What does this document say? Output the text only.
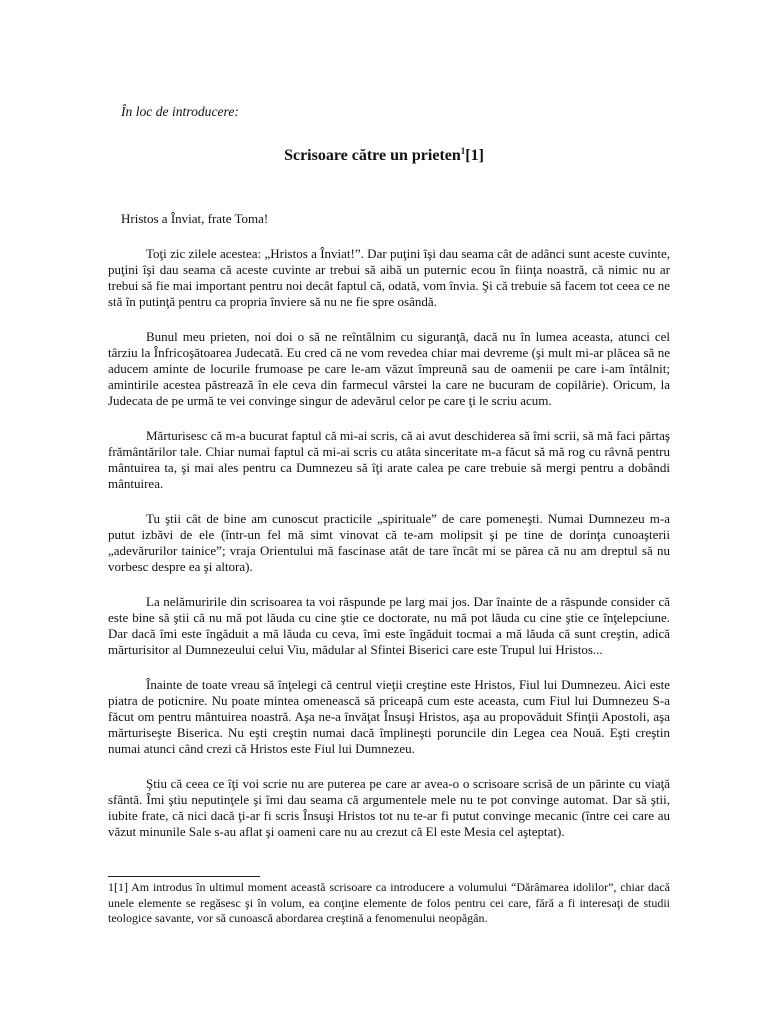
În loc de introducere:
Scrisoare către un prieten$^1$[1]

Hristos a Înviat, frate Toma!

Toţi zic zilele acestea: „Hristos a Înviat!”. Dar puţini îşi dau seama cât de adânci sunt aceste cuvinte, puţini îşi dau seama că aceste cuvinte ar trebui să aibă un puternic ecou în fiinţa noastră, că nimic nu ar trebui să fie mai important pentru noi decât faptul că, odată, vom învia. Şi că trebuie să facem tot ceea ce ne stă în putinţă pentru ca propria înviere să nu ne fie spre osândă.

Bunul meu prieten, noi doi o să ne reîntâlnim cu siguranţă, dacă nu în lumea aceasta, atunci cel târziu la Înfricoşătoarea Judecată. Eu cred că ne vom revedea chiar mai devreme (şi mult mi-ar plăcea să ne aducem aminte de locurile frumoase pe care le-am văzut împreună sau de oamenii pe care i-am întâlnit; amintirile acestea păstrează în ele ceva din farmecul vârstei la care ne bucuram de copilărie). Oricum, la Judecata de pe urmă te vei convinge singur de adevărul celor pe care ţi le scriu acum.

Mărturisesc că m-a bucurat faptul că mi-ai scris, că ai avut deschiderea să îmi scrii, să mă faci părtaş frământărilor tale. Chiar numai faptul că mi-ai scris cu atâta sinceritate m-a făcut să mă rog cu râvnă pentru mântuirea ta, şi mai ales pentru ca Dumnezeu să îţi arate calea pe care trebuie să mergi pentru a dobândi mântuirea.

Tu ştii cât de bine am cunoscut practicile „spirituale” de care pomeneşti. Numai Dumnezeu m-a putut izbăvi de ele (într-un fel mă simt vinovat că te-am molipsit şi pe tine de dorinţa cunoaşterii „adevărurilor tainice”; vraja Orientului mă fascinase atât de tare încât mi se părea că nu am dreptul să nu vorbesc despre ea şi altora).

La nelămuririle din scrisoarea ta voi răspunde pe larg mai jos. Dar înainte de a răspunde consider că este bine să ştii că nu mă pot lăuda cu cine ştie ce doctorate, nu mă pot lăuda cu cine ştie ce înţelepciune. Dar dacă îmi este îngăduit a mă lăuda cu ceva, îmi este îngăduit tocmai a mă lăuda că sunt creştin, adică mărturisitor al Dumnezeului celui Viu, mădular al Sfintei Biserici care este Trupul lui Hristos...

Înainte de toate vreau să înţelegi că centrul vieţii creştine este Hristos, Fiul lui Dumnezeu. Aici este piatra de poticnire. Nu poate mintea omenească să priceapă cum este aceasta, cum Fiul lui Dumnezeu S-a făcut om pentru mântuirea noastră. Aşa ne-a învăţat Însuşi Hristos, aşa au propovăduit Sfinţii Apostoli, aşa mărturiseşte Biserica. Nu eşti creştin numai dacă împlineşti poruncile din Legea cea Nouă. Eşti creştin numai atunci când crezi că Hristos este Fiul lui Dumnezeu.

Ştiu că ceea ce îţi voi scrie nu are puterea pe care ar avea-o o scrisoare scrisă de un părinte cu viaţă sfântă. Îmi ştiu neputinţele şi îmi dau seama că argumentele mele nu te pot convinge automat. Dar să ştii, iubite frate, că nici dacă ţi-ar fi scris Însuşi Hristos tot nu te-ar fi putut convinge mecanic (între cei care au văzut minunile Sale s-au aflat şi oameni care nu au crezut că El este Mesia cel aşteptat).

1[1] Am introdus în ultimul moment această scrisoare ca introducere a volumului “Dărâmarea idolilor”, chiar dacă unele elemente se regăsesc şi în volum, ea conţine elemente de folos pentru cei care, fără a fi interesaţi de studii teologice savante, vor să cunoască abordarea creştină a fenomenului neopăgân.
